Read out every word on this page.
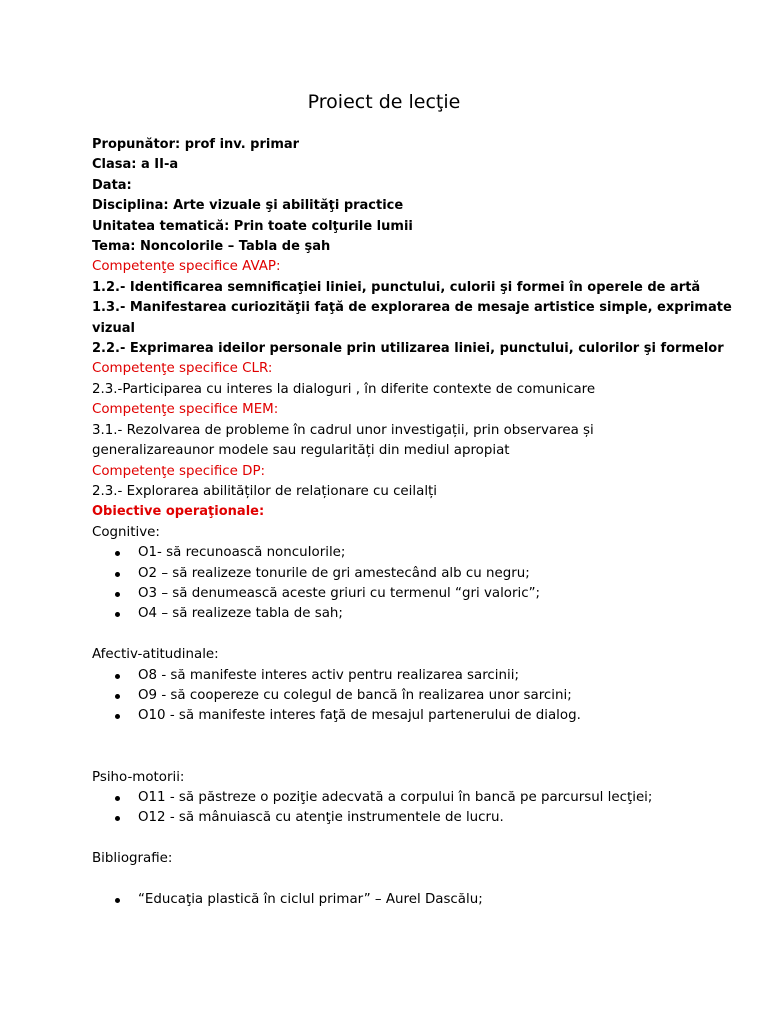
Proiect de lecţie

Propunător: prof inv. primar

Clasa: a II-a

Data:

Disciplina: Arte vizuale şi abilităţi practice

Unitatea tematică: Prin toate colţurile lumii

Tema: Noncolorile – Tabla de şah

Competenţe specifice AVAP:

1.2.- Identificarea semnificaţiei liniei, punctului, culorii şi formei în operele de artă

1.3.- Manifestarea curiozităţii faţă de explorarea de mesaje artistice simple, exprimate vizual

2.2.- Exprimarea ideilor personale prin utilizarea liniei, punctului, culorilor şi formelor

Competenţe specifice CLR:

2.3.-Participarea cu interes la dialoguri , în diferite contexte de comunicare

Competenţe specifice MEM:

3.1.- Rezolvarea de probleme în cadrul unor investigații, prin observarea și

generalizareaunor modele sau regularități din mediul apropiat

Competenţe specifice DP:

2.3.- Explorarea abilităților de relaționare cu ceilalți

Obiective operaţionale:

Cognitive:

O1- să recunoască noncuIorile;
O2 – să realizeze tonurile de gri amestecând alb cu negru;
O3 – să denumească aceste griuri cu termenul “gri valoric”;
O4 – să realizeze tabla de sah;

Afectiv-atitudinale:

O8 - să manifeste interes activ pentru realizarea sarcinii;
O9 - să coopereze cu colegul de bancă în realizarea unor sarcini;
O10 - să manifeste interes faţă de mesajul partenerului de dialog.

Psiho-motorii:

O11 - să păstreze o poziţie adecvată a corpului în bancă pe parcursul lecţiei;
O12 - să mânuiască cu atenţie instrumentele de lucru.

Bibliografie:

“Educaţia plastică în ciclul primar” – Aurel Dascălu;
